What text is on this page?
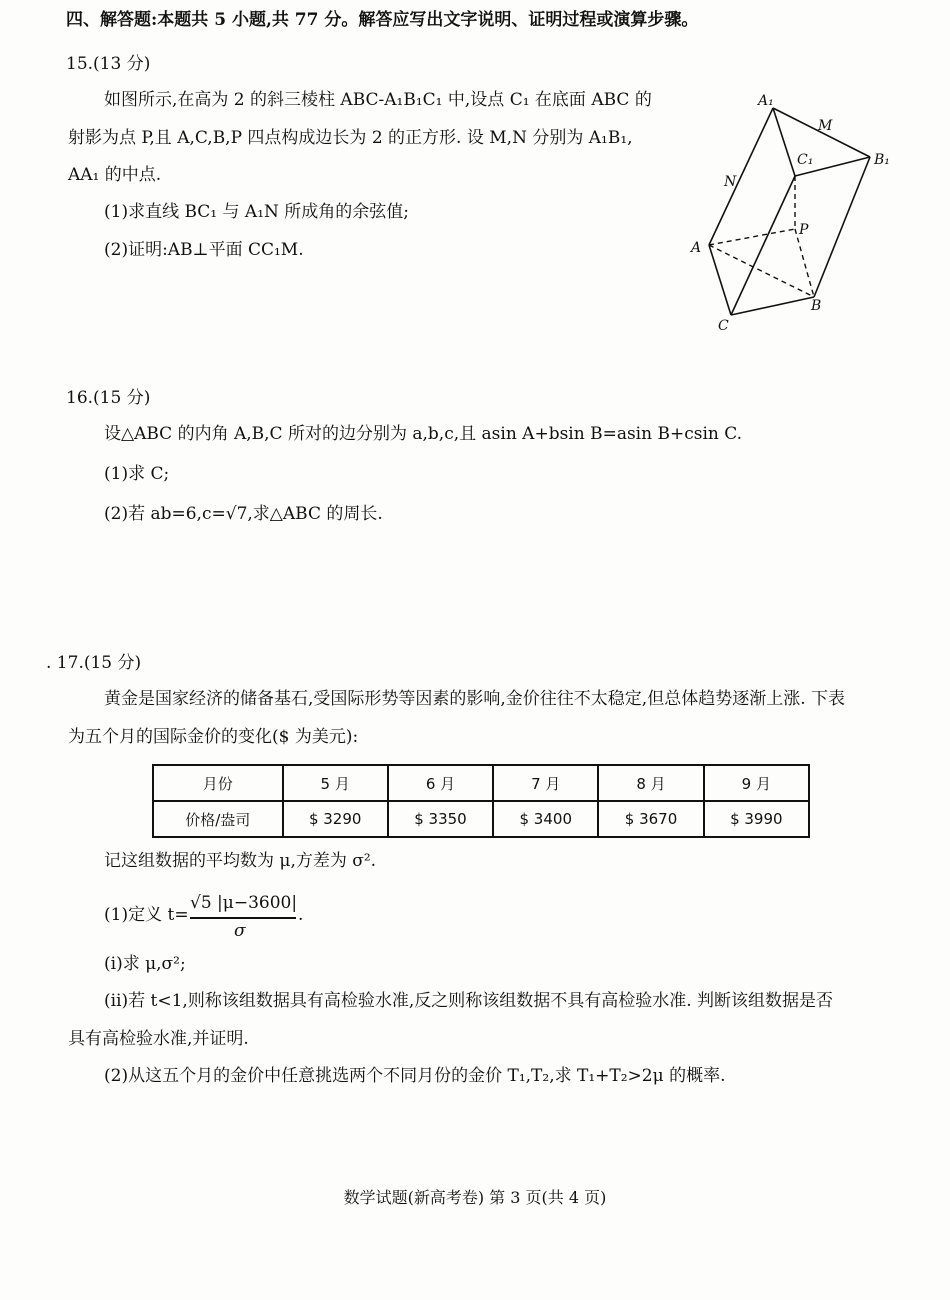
四、解答题:本题共 5 小题,共 77 分。解答应写出文字说明、证明过程或演算步骤。
15.(13 分)
如图所示,在高为 2 的斜三棱柱 ABC-A₁B₁C₁ 中,设点 C₁ 在底面 ABC 的
射影为点 P,且 A,C,B,P 四点构成边长为 2 的正方形. 设 M,N 分别为 A₁B₁,
AA₁ 的中点.
(1)求直线 BC₁ 与 A₁N 所成角的余弦值;
(2)证明:AB⊥平面 CC₁M.
A₁
M
B₁
C₁
N
P
A
B
C
16.(15 分)
设△ABC 的内角 A,B,C 所对的边分别为 a,b,c,且 asin A+bsin B=asin B+csin C.
(1)求 C;
(2)若 ab=6,c=√7,求△ABC 的周长.
. 17.(15 分)
黄金是国家经济的储备基石,受国际形势等因素的影响,金价往往不太稳定,但总体趋势逐渐上涨. 下表
为五个月的国际金价的变化($ 为美元):
月份	5 月	6 月	7 月	8 月	9 月
价格/盎司	$ 3290	$ 3350	$ 3400	$ 3670	$ 3990
记这组数据的平均数为 μ,方差为 σ².
(1)定义 t=
√5 |μ−3600|
σ
.
(ⅰ)求 μ,σ²;
(ⅱ)若 t<1,则称该组数据具有高检验水准,反之则称该组数据不具有高检验水准. 判断该组数据是否
具有高检验水准,并证明.
(2)从这五个月的金价中任意挑选两个不同月份的金价 T₁,T₂,求 T₁+T₂>2μ 的概率.
数学试题(新高考卷) 第 3 页(共 4 页)
